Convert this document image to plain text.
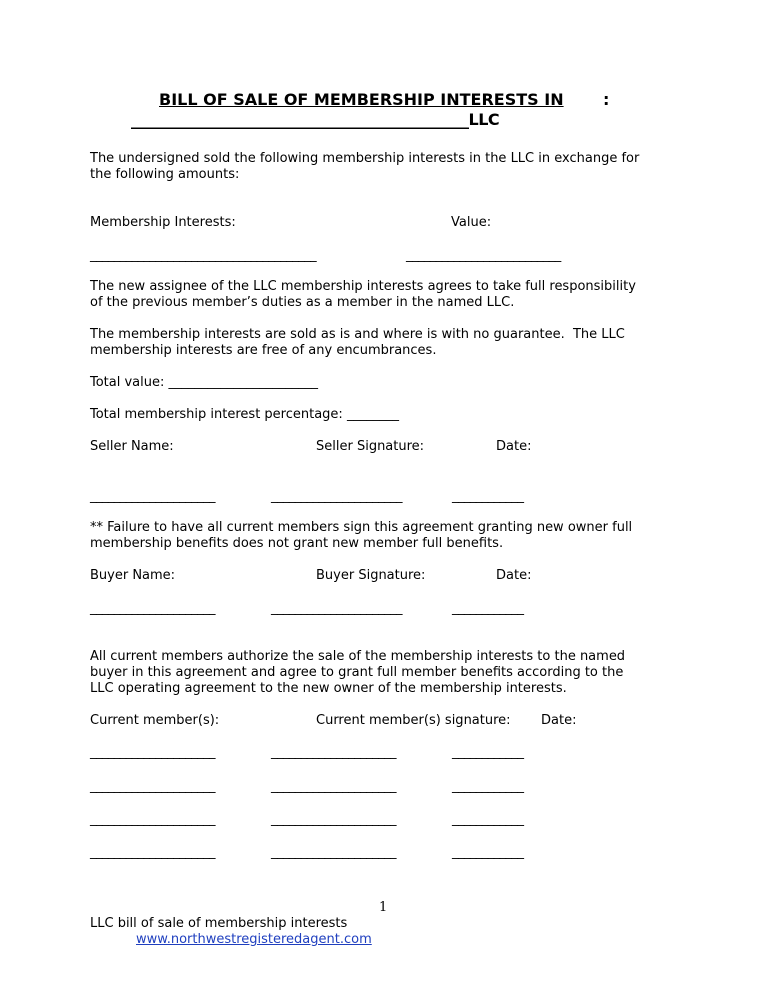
BILL OF SALE OF MEMBERSHIP INTERESTS IN :
_____________________________________________LLC
The undersigned sold the following membership interests in the LLC in exchange for
the following amounts:
Membership Interests:	Value:
______________________________________	__________________________
The new assignee of the LLC membership interests agrees to take full responsibility
of the previous member’s duties as a member in the named LLC.
The membership interests are sold as is and where is with no guarantee.  The LLC
membership interests are free of any encumbrances.
Total value: _______________________
Total membership interest percentage: ________
Seller Name:	Seller Signature:	Date:
_____________________	______________________	____________
** Failure to have all current members sign this agreement granting new owner full
membership benefits does not grant new member full benefits.
Buyer Name:	Buyer Signature:	Date:
_____________________	______________________	____________
All current members authorize the sale of the membership interests to the named
buyer in this agreement and agree to grant full member benefits according to the
LLC operating agreement to the new owner of the membership interests.
Current member(s):	Current member(s) signature: Date:
_____________________	_____________________	____________
_____________________	_____________________	____________
_____________________	_____________________	____________
_____________________	_____________________	____________
1
LLC bill of sale of membership interests
www.northwestregisteredagent.com
